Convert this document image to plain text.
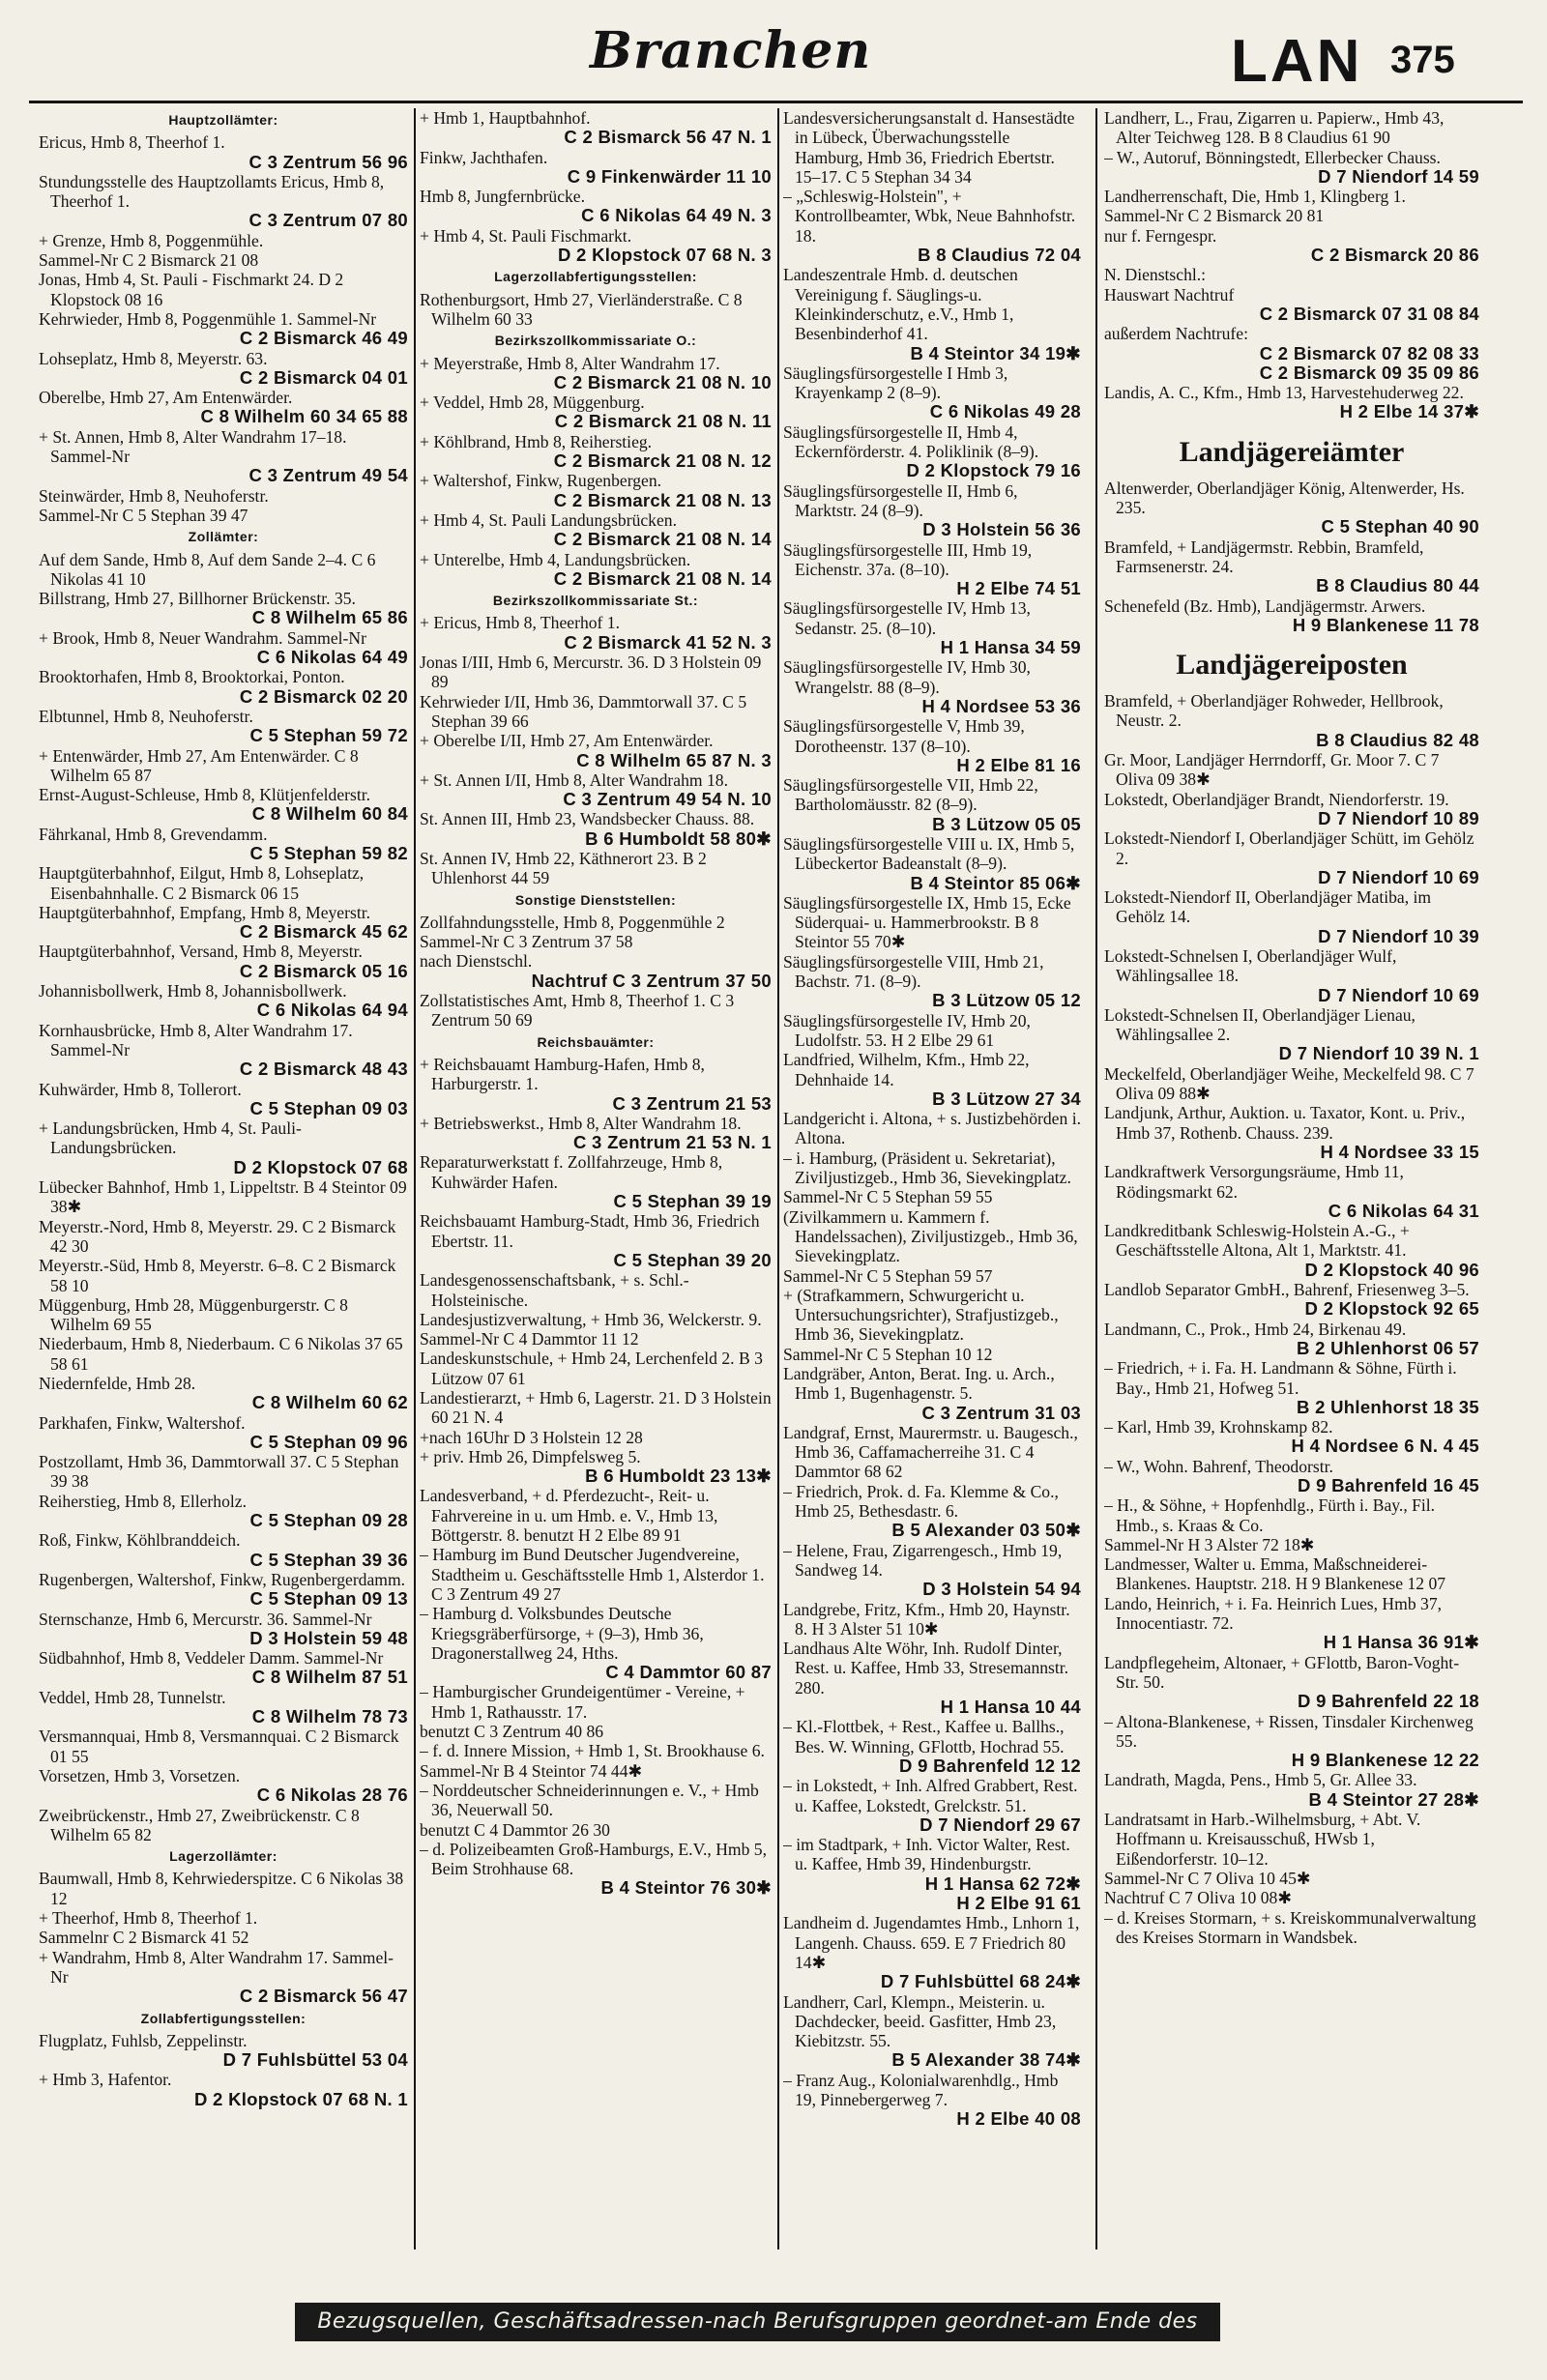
Branchen	LAN 375

Hauptzollämter:

Ericus, Hmb 8, Theerhof 1.

C 3 Zentrum 56 96

Stundungsstelle des Hauptzollamts Ericus, Hmb 8, Theerhof 1.

C 3 Zentrum 07 80

+ Grenze, Hmb 8, Poggenmühle.

Sammel-Nr C 2 Bismarck 21 08

Jonas, Hmb 4, St. Pauli - Fischmarkt 24. D 2 Klopstock 08 16

Kehrwieder, Hmb 8, Poggenmühle 1. Sammel-Nr

C 2 Bismarck 46 49

Lohseplatz, Hmb 8, Meyerstr. 63.

C 2 Bismarck 04 01

Oberelbe, Hmb 27, Am Entenwärder.

C 8 Wilhelm 60 34 65 88

+ St. Annen, Hmb 8, Alter Wandrahm 17–18. Sammel-Nr

C 3 Zentrum 49 54

Steinwärder, Hmb 8, Neuhoferstr.

Sammel-Nr C 5 Stephan 39 47

Zollämter:

Auf dem Sande, Hmb 8, Auf dem Sande 2–4. C 6 Nikolas 41 10

Billstrang, Hmb 27, Billhorner Brückenstr. 35.

C 8 Wilhelm 65 86

+ Brook, Hmb 8, Neuer Wandrahm. Sammel-Nr

C 6 Nikolas 64 49

Brooktorhafen, Hmb 8, Brooktorkai, Ponton.

C 2 Bismarck 02 20

Elbtunnel, Hmb 8, Neuhoferstr.

C 5 Stephan 59 72

+ Entenwärder, Hmb 27, Am Entenwärder. C 8 Wilhelm 65 87

Ernst-August-Schleuse, Hmb 8, Klütjenfelderstr.

C 8 Wilhelm 60 84

Fährkanal, Hmb 8, Grevendamm.

C 5 Stephan 59 82

Hauptgüterbahnhof, Eilgut, Hmb 8, Lohseplatz, Eisenbahnhalle. C 2 Bismarck 06 15

Hauptgüterbahnhof, Empfang, Hmb 8, Meyerstr.

C 2 Bismarck 45 62

Hauptgüterbahnhof, Versand, Hmb 8, Meyerstr.

C 2 Bismarck 05 16

Johannisbollwerk, Hmb 8, Johannisbollwerk.

C 6 Nikolas 64 94

Kornhausbrücke, Hmb 8, Alter Wandrahm 17. Sammel-Nr

C 2 Bismarck 48 43

Kuhwärder, Hmb 8, Tollerort.

C 5 Stephan 09 03

+ Landungsbrücken, Hmb 4, St. Pauli-Landungsbrücken.

D 2 Klopstock 07 68

Lübecker Bahnhof, Hmb 1, Lippeltstr. B 4 Steintor 09 38✱

Meyerstr.-Nord, Hmb 8, Meyerstr. 29. C 2 Bismarck 42 30

Meyerstr.-Süd, Hmb 8, Meyerstr. 6–8. C 2 Bismarck 58 10

Müggenburg, Hmb 28, Müggenburgerstr. C 8 Wilhelm 69 55

Niederbaum, Hmb 8, Niederbaum. C 6 Nikolas 37 65 58 61

Niedernfelde, Hmb 28.

C 8 Wilhelm 60 62

Parkhafen, Finkw, Waltershof.

C 5 Stephan 09 96

Postzollamt, Hmb 36, Dammtorwall 37. C 5 Stephan 39 38

Reiherstieg, Hmb 8, Ellerholz.

C 5 Stephan 09 28

Roß, Finkw, Köhlbranddeich.

C 5 Stephan 39 36

Rugenbergen, Waltershof, Finkw, Rugenbergerdamm.

C 5 Stephan 09 13

Sternschanze, Hmb 6, Mercurstr. 36. Sammel-Nr

D 3 Holstein 59 48

Südbahnhof, Hmb 8, Veddeler Damm. Sammel-Nr

C 8 Wilhelm 87 51

Veddel, Hmb 28, Tunnelstr.

C 8 Wilhelm 78 73

Versmannquai, Hmb 8, Versmannquai. C 2 Bismarck 01 55

Vorsetzen, Hmb 3, Vorsetzen.

C 6 Nikolas 28 76

Zweibrückenstr., Hmb 27, Zweibrückenstr. C 8 Wilhelm 65 82

Lagerzollämter:

Baumwall, Hmb 8, Kehrwiederspitze. C 6 Nikolas 38 12

+ Theerhof, Hmb 8, Theerhof 1.

Sammelnr C 2 Bismarck 41 52

+ Wandrahm, Hmb 8, Alter Wandrahm 17. Sammel-Nr

C 2 Bismarck 56 47

Zollabfertigungsstellen:

Flugplatz, Fuhlsb, Zeppelinstr.

D 7 Fuhlsbüttel 53 04

+ Hmb 3, Hafentor.

D 2 Klopstock 07 68 N. 1

+ Hmb 1, Hauptbahnhof.

C 2 Bismarck 56 47 N. 1

Finkw, Jachthafen.

C 9 Finkenwärder 11 10

Hmb 8, Jungfernbrücke.

C 6 Nikolas 64 49 N. 3

+ Hmb 4, St. Pauli Fischmarkt.

D 2 Klopstock 07 68 N. 3

Lagerzollabfertigungsstellen:

Rothenburgsort, Hmb 27, Vierländerstraße. C 8 Wilhelm 60 33

Bezirkszollkommissariate O.:

+ Meyerstraße, Hmb 8, Alter Wandrahm 17.

C 2 Bismarck 21 08 N. 10

+ Veddel, Hmb 28, Müggenburg.

C 2 Bismarck 21 08 N. 11

+ Köhlbrand, Hmb 8, Reiherstieg.

C 2 Bismarck 21 08 N. 12

+ Waltershof, Finkw, Rugenbergen.

C 2 Bismarck 21 08 N. 13

+ Hmb 4, St. Pauli Landungsbrücken.

C 2 Bismarck 21 08 N. 14

+ Unterelbe, Hmb 4, Landungsbrücken.

C 2 Bismarck 21 08 N. 14

Bezirkszollkommissariate St.:

+ Ericus, Hmb 8, Theerhof 1.

C 2 Bismarck 41 52 N. 3

Jonas I/III, Hmb 6, Mercurstr. 36. D 3 Holstein 09 89

Kehrwieder I/II, Hmb 36, Dammtorwall 37. C 5 Stephan 39 66

+ Oberelbe I/II, Hmb 27, Am Entenwärder.

C 8 Wilhelm 65 87 N. 3

+ St. Annen I/II, Hmb 8, Alter Wandrahm 18.

C 3 Zentrum 49 54 N. 10

St. Annen III, Hmb 23, Wandsbecker Chauss. 88.

B 6 Humboldt 58 80✱

St. Annen IV, Hmb 22, Käthnerort 23. B 2 Uhlenhorst 44 59

Sonstige Dienststellen:

Zollfahndungsstelle, Hmb 8, Poggenmühle 2

Sammel-Nr C 3 Zentrum 37 58

nach Dienstschl.

Nachtruf C 3 Zentrum 37 50

Zollstatistisches Amt, Hmb 8, Theerhof 1. C 3 Zentrum 50 69

Reichsbauämter:

+ Reichsbauamt Hamburg-Hafen, Hmb 8, Harburgerstr. 1.

C 3 Zentrum 21 53

+ Betriebswerkst., Hmb 8, Alter Wandrahm 18.

C 3 Zentrum 21 53 N. 1

Reparaturwerkstatt f. Zollfahrzeuge, Hmb 8, Kuhwärder Hafen.

C 5 Stephan 39 19

Reichsbauamt Hamburg-Stadt, Hmb 36, Friedrich Ebertstr. 11.

C 5 Stephan 39 20

Landesgenossenschaftsbank, + s. Schl.-Holsteinische.

Landesjustizverwaltung, + Hmb 36, Welckerstr. 9.

Sammel-Nr C 4 Dammtor 11 12

Landeskunstschule, + Hmb 24, Lerchenfeld 2. B 3 Lützow 07 61

Landestierarzt, + Hmb 6, Lagerstr. 21. D 3 Holstein 60 21 N. 4

+nach 16Uhr D 3 Holstein 12 28

+ priv. Hmb 26, Dimpfelsweg 5.

B 6 Humboldt 23 13✱

Landesverband, + d. Pferdezucht-, Reit- u. Fahrvereine in u. um Hmb. e. V., Hmb 13, Böttgerstr. 8. benutzt H 2 Elbe 89 91

– Hamburg im Bund Deutscher Jugendvereine, Stadtheim u. Geschäftsstelle Hmb 1, Alsterdor 1. C 3 Zentrum 49 27

– Hamburg d. Volksbundes Deutsche Kriegsgräberfürsorge, + (9–3), Hmb 36, Dragonerstallweg 24, Hths.

C 4 Dammtor 60 87

– Hamburgischer Grundeigentümer - Vereine, + Hmb 1, Rathausstr. 17.

benutzt C 3 Zentrum 40 86

– f. d. Innere Mission, + Hmb 1, St. Brookhause 6.

Sammel-Nr B 4 Steintor 74 44✱

– Norddeutscher Schneiderinnungen e. V., + Hmb 36, Neuerwall 50.

benutzt C 4 Dammtor 26 30

– d. Polizeibeamten Groß-Hamburgs, E.V., Hmb 5, Beim Strohhause 68.

B 4 Steintor 76 30✱

Landesversicherungsanstalt d. Hansestädte in Lübeck, Überwachungsstelle Hamburg, Hmb 36, Friedrich Ebertstr. 15–17. C 5 Stephan 34 34

– „Schleswig-Holstein", + Kontrollbeamter, Wbk, Neue Bahnhofstr. 18.

B 8 Claudius 72 04

Landeszentrale Hmb. d. deutschen Vereinigung f. Säuglings-u. Kleinkinderschutz, e.V., Hmb 1, Besenbinderhof 41.

B 4 Steintor 34 19✱

Säuglingsfürsorgestelle I Hmb 3, Krayenkamp 2 (8–9).

C 6 Nikolas 49 28

Säuglingsfürsorgestelle II, Hmb 4, Eckernförderstr. 4. Poliklinik (8–9).

D 2 Klopstock 79 16

Säuglingsfürsorgestelle II, Hmb 6, Marktstr. 24 (8–9).

D 3 Holstein 56 36

Säuglingsfürsorgestelle III, Hmb 19, Eichenstr. 37a. (8–10).

H 2 Elbe 74 51

Säuglingsfürsorgestelle IV, Hmb 13, Sedanstr. 25. (8–10).

H 1 Hansa 34 59

Säuglingsfürsorgestelle IV, Hmb 30, Wrangelstr. 88 (8–9).

H 4 Nordsee 53 36

Säuglingsfürsorgestelle V, Hmb 39, Dorotheenstr. 137 (8–10).

H 2 Elbe 81 16

Säuglingsfürsorgestelle VII, Hmb 22, Bartholomäusstr. 82 (8–9).

B 3 Lützow 05 05

Säuglingsfürsorgestelle VIII u. IX, Hmb 5, Lübeckertor Badeanstalt (8–9).

B 4 Steintor 85 06✱

Säuglingsfürsorgestelle IX, Hmb 15, Ecke Süderquai- u. Hammerbrookstr. B 8 Steintor 55 70✱

Säuglingsfürsorgestelle VIII, Hmb 21, Bachstr. 71. (8–9).

B 3 Lützow 05 12

Säuglingsfürsorgestelle IV, Hmb 20, Ludolfstr. 53. H 2 Elbe 29 61

Landfried, Wilhelm, Kfm., Hmb 22, Dehnhaide 14.

B 3 Lützow 27 34

Landgericht i. Altona, + s. Justizbehörden i. Altona.

– i. Hamburg, (Präsident u. Sekretariat), Ziviljustizgeb., Hmb 36, Sievekingplatz.

Sammel-Nr C 5 Stephan 59 55

(Zivilkammern u. Kammern f. Handelssachen), Ziviljustizgeb., Hmb 36, Sievekingplatz.

Sammel-Nr C 5 Stephan 59 57

+ (Strafkammern, Schwurgericht u. Untersuchungsrichter), Strafjustizgeb., Hmb 36, Sievekingplatz.

Sammel-Nr C 5 Stephan 10 12

Landgräber, Anton, Berat. Ing. u. Arch., Hmb 1, Bugenhagenstr. 5.

C 3 Zentrum 31 03

Landgraf, Ernst, Maurermstr. u. Baugesch., Hmb 36, Caffamacherreihe 31. C 4 Dammtor 68 62

– Friedrich, Prok. d. Fa. Klemme & Co., Hmb 25, Bethesdastr. 6.

B 5 Alexander 03 50✱

– Helene, Frau, Zigarrengesch., Hmb 19, Sandweg 14.

D 3 Holstein 54 94

Landgrebe, Fritz, Kfm., Hmb 20, Haynstr. 8. H 3 Alster 51 10✱

Landhaus Alte Wöhr, Inh. Rudolf Dinter, Rest. u. Kaffee, Hmb 33, Stresemannstr. 280.

H 1 Hansa 10 44

– Kl.-Flottbek, + Rest., Kaffee u. Ballhs., Bes. W. Winning, GFlottb, Hochrad 55.

D 9 Bahrenfeld 12 12

– in Lokstedt, + Inh. Alfred Grabbert, Rest. u. Kaffee, Lokstedt, Grelckstr. 51.

D 7 Niendorf 29 67

– im Stadtpark, + Inh. Victor Walter, Rest. u. Kaffee, Hmb 39, Hindenburgstr.

H 1 Hansa 62 72✱

H 2 Elbe 91 61

Landheim d. Jugendamtes Hmb., Lnhorn 1, Langenh. Chauss. 659. E 7 Friedrich 80 14✱

D 7 Fuhlsbüttel 68 24✱

Landherr, Carl, Klempn., Meisterin. u. Dachdecker, beeid. Gasfitter, Hmb 23, Kiebitzstr. 55.

B 5 Alexander 38 74✱

– Franz Aug., Kolonialwarenhdlg., Hmb 19, Pinnebergerweg 7.

H 2 Elbe 40 08

Landherr, L., Frau, Zigarren u. Papierw., Hmb 43, Alter Teichweg 128. B 8 Claudius 61 90

– W., Autoruf, Bönningstedt, Ellerbecker Chauss.

D 7 Niendorf 14 59

Landherrenschaft, Die, Hmb 1, Klingberg 1.

Sammel-Nr C 2 Bismarck 20 81

nur f. Ferngespr.

C 2 Bismarck 20 86

N. Dienstschl.:

Hauswart Nachtruf

C 2 Bismarck 07 31 08 84

außerdem Nachtrufe:

C 2 Bismarck 07 82 08 33

C 2 Bismarck 09 35 09 86

Landis, A. C., Kfm., Hmb 13, Harvestehuderweg 22.

H 2 Elbe 14 37✱

Landjägereiämter

Altenwerder, Oberlandjäger König, Altenwerder, Hs. 235.

C 5 Stephan 40 90

Bramfeld, + Landjägermstr. Rebbin, Bramfeld, Farmsenerstr. 24.

B 8 Claudius 80 44

Schenefeld (Bz. Hmb), Landjägermstr. Arwers.

H 9 Blankenese 11 78

Landjägereiposten

Bramfeld, + Oberlandjäger Rohweder, Hellbrook, Neustr. 2.

B 8 Claudius 82 48

Gr. Moor, Landjäger Herrndorff, Gr. Moor 7. C 7 Oliva 09 38✱

Lokstedt, Oberlandjäger Brandt, Niendorferstr. 19.

D 7 Niendorf 10 89

Lokstedt-Niendorf I, Oberlandjäger Schütt, im Gehölz 2.

D 7 Niendorf 10 69

Lokstedt-Niendorf II, Oberlandjäger Matiba, im Gehölz 14.

D 7 Niendorf 10 39

Lokstedt-Schnelsen I, Oberlandjäger Wulf, Wählingsallee 18.

D 7 Niendorf 10 69

Lokstedt-Schnelsen II, Oberlandjäger Lienau, Wählingsallee 2.

D 7 Niendorf 10 39 N. 1

Meckelfeld, Oberlandjäger Weihe, Meckelfeld 98. C 7 Oliva 09 88✱

Landjunk, Arthur, Auktion. u. Taxator, Kont. u. Priv., Hmb 37, Rothenb. Chauss. 239.

H 4 Nordsee 33 15

Landkraftwerk Versorgungsräume, Hmb 11, Rödingsmarkt 62.

C 6 Nikolas 64 31

Landkreditbank Schleswig-Holstein A.-G., + Geschäftsstelle Altona, Alt 1, Marktstr. 41.

D 2 Klopstock 40 96

Landlob Separator GmbH., Bahrenf, Friesenweg 3–5.

D 2 Klopstock 92 65

Landmann, C., Prok., Hmb 24, Birkenau 49.

B 2 Uhlenhorst 06 57

– Friedrich, + i. Fa. H. Landmann & Söhne, Fürth i. Bay., Hmb 21, Hofweg 51.

B 2 Uhlenhorst 18 35

– Karl, Hmb 39, Krohnskamp 82.

H 4 Nordsee 6 N. 4 45

– W., Wohn. Bahrenf, Theodorstr.

D 9 Bahrenfeld 16 45

– H., & Söhne, + Hopfenhdlg., Fürth i. Bay., Fil. Hmb., s. Kraas & Co.

Sammel-Nr H 3 Alster 72 18✱

Landmesser, Walter u. Emma, Maßschneiderei-Blankenes. Hauptstr. 218. H 9 Blankenese 12 07

Lando, Heinrich, + i. Fa. Heinrich Lues, Hmb 37, Innocentiastr. 72.

H 1 Hansa 36 91✱

Landpflegeheim, Altonaer, + GFlottb, Baron-Voght-Str. 50.

D 9 Bahrenfeld 22 18

– Altona-Blankenese, + Rissen, Tinsdaler Kirchenweg 55.

H 9 Blankenese 12 22

Landrath, Magda, Pens., Hmb 5, Gr. Allee 33.

B 4 Steintor 27 28✱

Landratsamt in Harb.-Wilhelmsburg, + Abt. V. Hoffmann u. Kreisausschuß, HWsb 1, Eißendorferstr. 10–12.

Sammel-Nr C 7 Oliva 10 45✱

Nachtruf C 7 Oliva 10 08✱

– d. Kreises Stormarn, + s. Kreiskommunalverwaltung des Kreises Stormarn in Wandsbek.

Bezugsquellen, Geschäftsadressen-nach Berufsgruppen geordnet-am Ende des Buches
